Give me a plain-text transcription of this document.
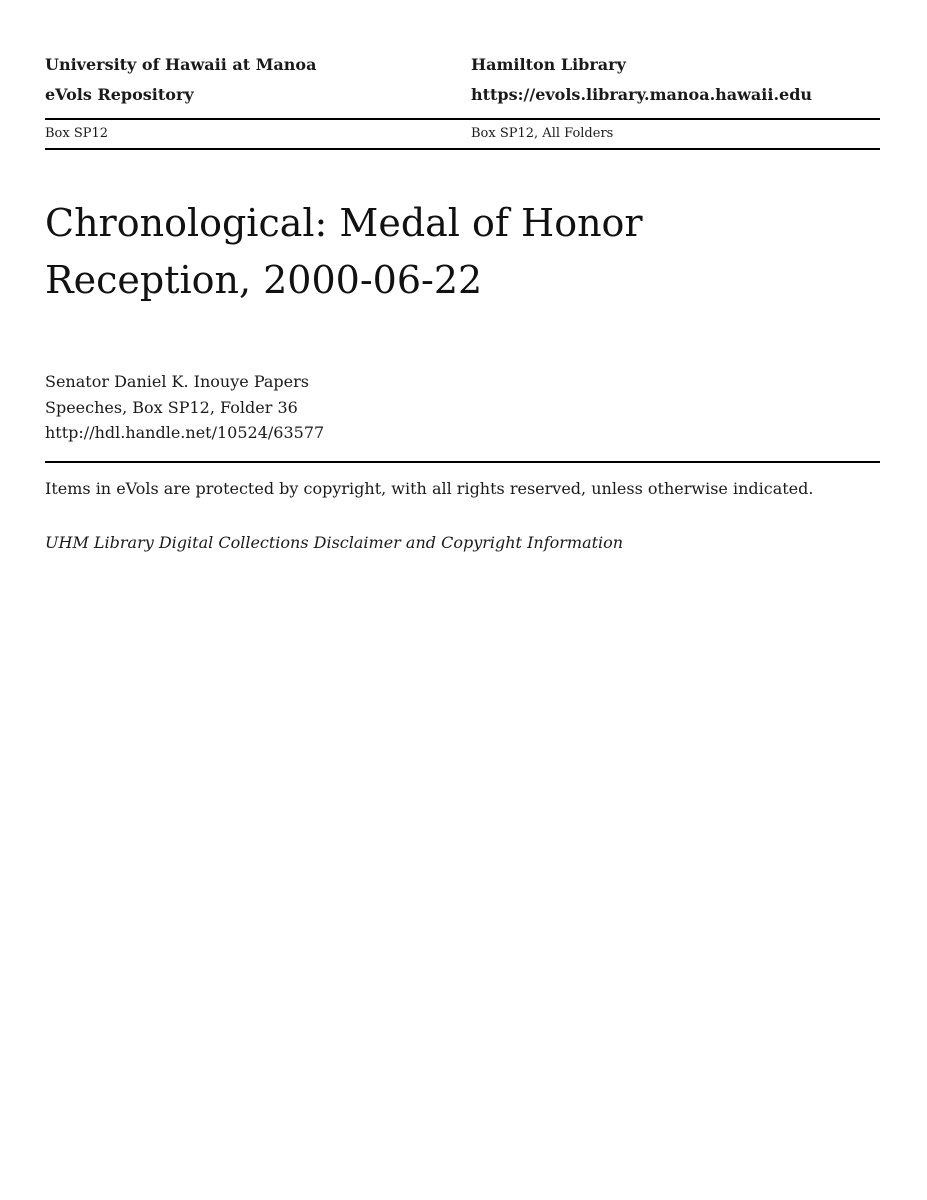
University of Hawaii at Manoa
eVols Repository
Hamilton Library
https://evols.library.manoa.hawaii.edu
Box SP12	Box SP12, All Folders
Chronological: Medal of Honor
Reception, 2000-06-22
Senator Daniel K. Inouye Papers
Speeches, Box SP12, Folder 36
http://hdl.handle.net/10524/63577

Items in eVols are protected by copyright, with all rights reserved, unless otherwise indicated.

UHM Library Digital Collections Disclaimer and Copyright Information
